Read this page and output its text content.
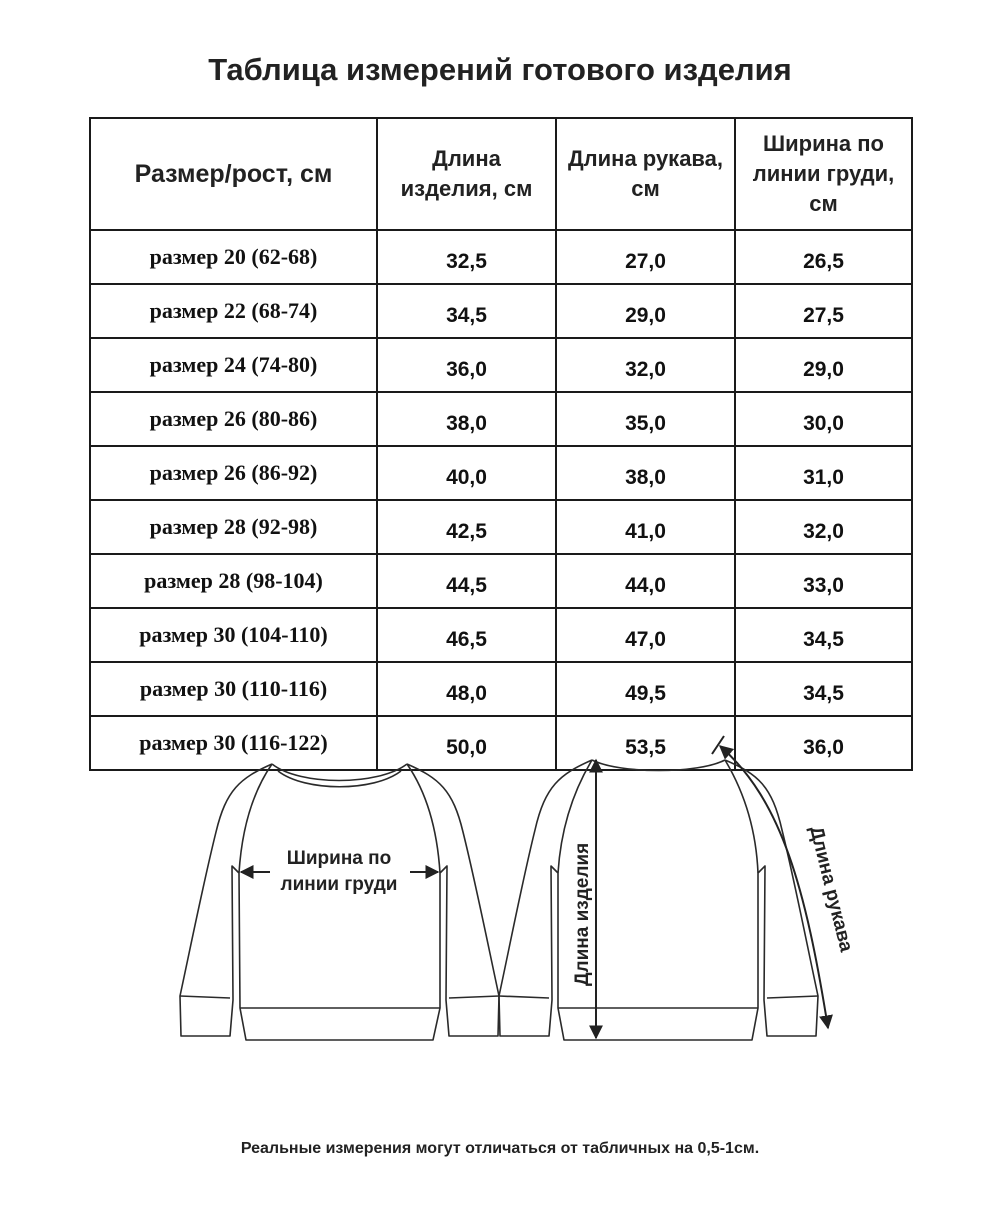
Таблица измерений готового изделия
Размер/рост, см	Длина изделия, см	Длина рукава, см	Ширина по линии груди, см
размер 20 (62-68)	32,5	27,0	26,5
размер 22 (68-74)	34,5	29,0	27,5
размер 24 (74-80)	36,0	32,0	29,0
размер 26 (80-86)	38,0	35,0	30,0
размер 26 (86-92)	40,0	38,0	31,0
размер 28 (92-98)	42,5	41,0	32,0
размер 28 (98-104)	44,5	44,0	33,0
размер 30 (104-110)	46,5	47,0	34,5
размер 30 (110-116)	48,0	49,5	34,5
размер 30 (116-122)	50,0	53,5	36,0
Ширина по
линии груди	Длина изделия	Длина рукава
Реальные измерения могут отличаться от табличных на 0,5-1см.
